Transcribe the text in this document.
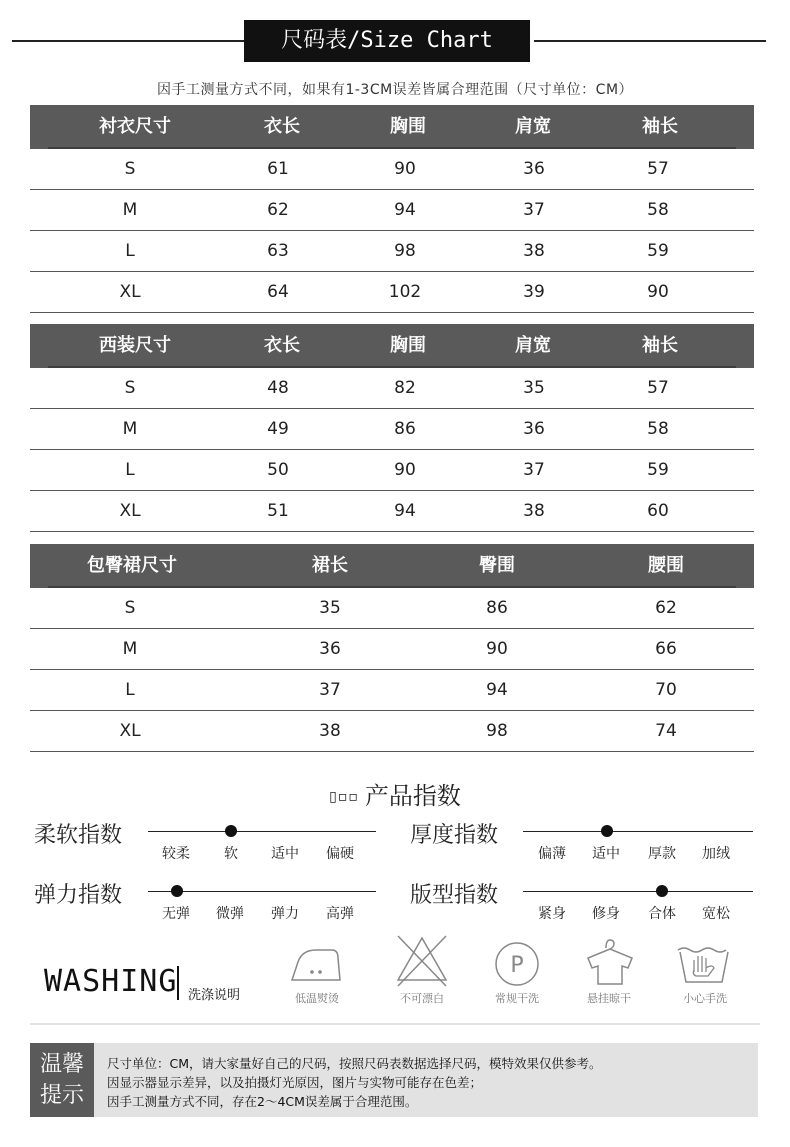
尺码表/Size Chart
因手工测量方式不同，如果有1-3CM误差皆属合理范围（尺寸单位：CM）
衬衣尺寸	衣长	胸围	肩宽	袖长
S	61	90	36	57
M	62	94	37	58
L	63	98	38	59
XL	64	102	39	90
西装尺寸	衣长	胸围	肩宽	袖长
S	48	82	35	57
M	49	86	36	58
L	50	90	37	59
XL	51	94	38	60
包臀裙尺寸	裙长	臀围	腰围
S	35	86	62
M	36	90	66
L	37	94	70
XL	38	98	74
▯▫▫ 产品指数
柔软指数
较柔 软 适中 偏硬
厚度指数
偏薄 适中 厚款 加绒
弹力指数
无弹 微弹 弹力 高弹
版型指数
紧身 修身 合体 宽松
WASHING 洗涤说明	低温熨烫	不可漂白
P
常规干洗	悬挂晾干	小心手洗
温馨
提示
尺寸单位：CM，请大家量好自己的尺码，按照尺码表数据选择尺码，模特效果仅供参考。
因显示器显示差异，以及拍摄灯光原因，图片与实物可能存在色差；
因手工测量方式不同，存在2～4CM误差属于合理范围。
